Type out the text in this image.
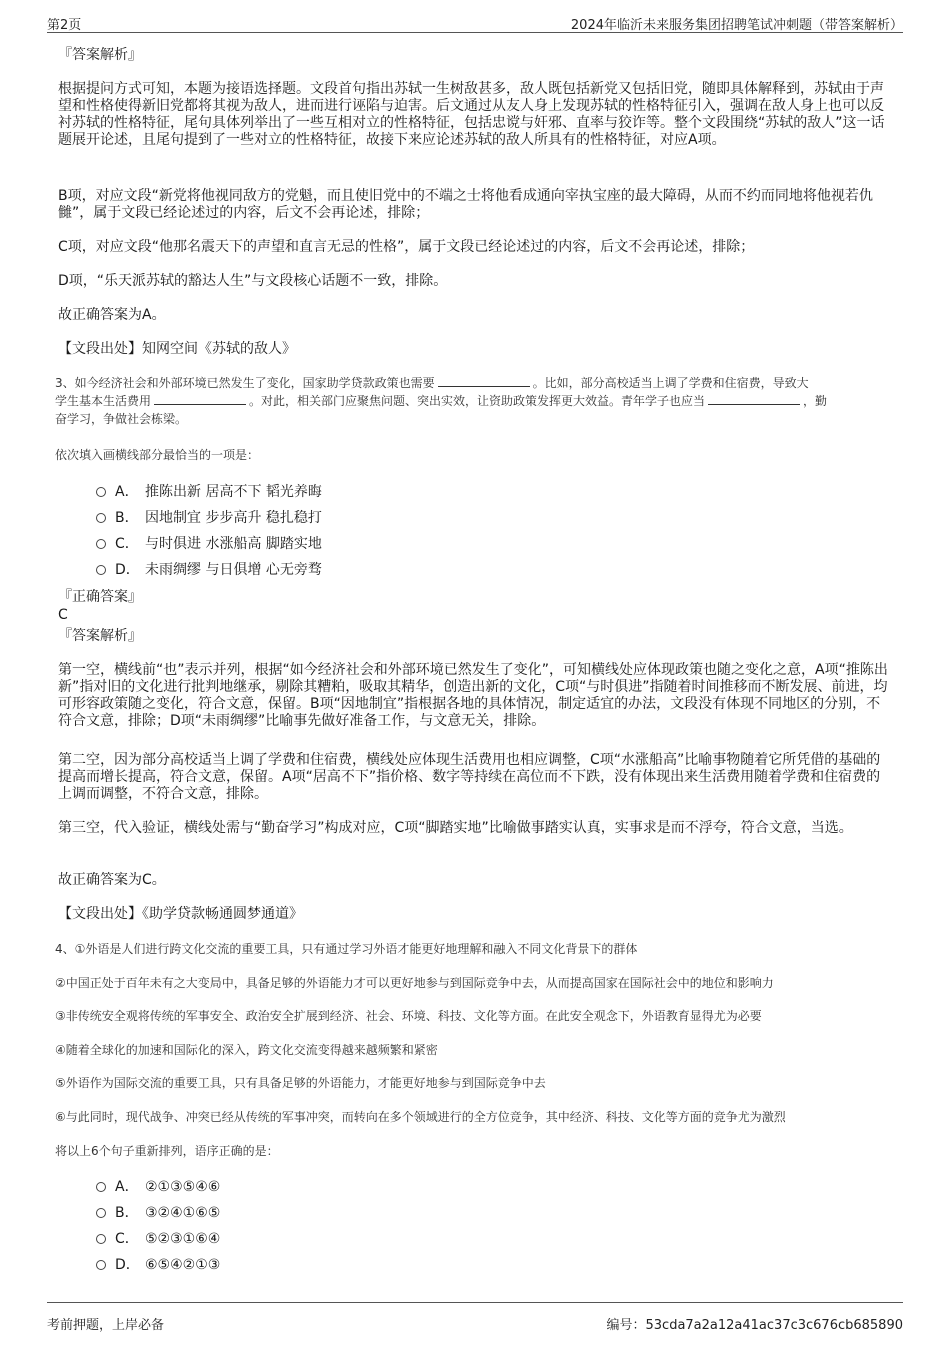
第2页	2024年临沂未来服务集团招聘笔试冲刺题（带答案解析）
『答案解析』
根据提问方式可知，本题为接语选择题。文段首句指出苏轼一生树敌甚多，敌人既包括新党又包括旧党，随即具体解释到，苏轼由于声望和性格使得新旧党都将其视为敌人，进而进行诬陷与迫害。后文通过从友人身上发现苏轼的性格特征引入，强调在敌人身上也可以反衬苏轼的性格特征，尾句具体列举出了一些互相对立的性格特征，包括忠谠与奸邪、直率与狡诈等。整个文段围绕“苏轼的敌人”这一话题展开论述，且尾句提到了一些对立的性格特征，故接下来应论述苏轼的敌人所具有的性格特征，对应A项。
B项，对应文段“新党将他视同敌方的党魁，而且使旧党中的不端之士将他看成通向宰执宝座的最大障碍，从而不约而同地将他视若仇雠”，属于文段已经论述过的内容，后文不会再论述，排除；
C项，对应文段“他那名震天下的声望和直言无忌的性格”，属于文段已经论述过的内容，后文不会再论述，排除；
D项，“乐天派苏轼的豁达人生”与文段核心话题不一致，排除。
故正确答案为A。
【文段出处】知网空间《苏轼的敌人》
3、如今经济社会和外部环境已然发生了变化，国家助学贷款政策也需要	。比如，部分高校适当上调了学费和住宿费，导致大
学生基本生活费用	。对此，相关部门应聚焦问题、突出实效，让资助政策发挥更大效益。青年学子也应当	，勤
奋学习，争做社会栋梁。
依次填入画横线部分最恰当的一项是：
A． 推陈出新 居高不下 韬光养晦
B． 因地制宜 步步高升 稳扎稳打
C． 与时俱进 水涨船高 脚踏实地
D． 未雨绸缪 与日俱增 心无旁骛
『正确答案』
C
『答案解析』
第一空，横线前“也”表示并列，根据“如今经济社会和外部环境已然发生了变化”，可知横线处应体现政策也随之变化之意，A项“推陈出新”指对旧的文化进行批判地继承，剔除其糟粕，吸取其精华，创造出新的文化，C项“与时俱进”指随着时间推移而不断发展、前进，均可形容政策随之变化，符合文意，保留。B项“因地制宜”指根据各地的具体情况，制定适宜的办法，文段没有体现不同地区的分别，不符合文意，排除；D项“未雨绸缪”比喻事先做好准备工作，与文意无关，排除。
第二空，因为部分高校适当上调了学费和住宿费，横线处应体现生活费用也相应调整，C项“水涨船高”比喻事物随着它所凭借的基础的提高而增长提高，符合文意，保留。A项“居高不下”指价格、数字等持续在高位而不下跌，没有体现出来生活费用随着学费和住宿费的上调而调整，不符合文意，排除。
第三空，代入验证，横线处需与“勤奋学习”构成对应，C项“脚踏实地”比喻做事踏实认真，实事求是而不浮夸，符合文意，当选。
故正确答案为C。
【文段出处】《助学贷款畅通圆梦通道》
4、①外语是人们进行跨文化交流的重要工具，只有通过学习外语才能更好地理解和融入不同文化背景下的群体
②中国正处于百年未有之大变局中，具备足够的外语能力才可以更好地参与到国际竞争中去，从而提高国家在国际社会中的地位和影响力
③非传统安全观将传统的军事安全、政治安全扩展到经济、社会、环境、科技、文化等方面。在此安全观念下，外语教育显得尤为必要
④随着全球化的加速和国际化的深入，跨文化交流变得越来越频繁和紧密
⑤外语作为国际交流的重要工具，只有具备足够的外语能力，才能更好地参与到国际竞争中去
⑥与此同时，现代战争、冲突已经从传统的军事冲突，而转向在多个领域进行的全方位竞争，其中经济、科技、文化等方面的竞争尤为激烈
将以上6个句子重新排列，语序正确的是：
A． ②①③⑤④⑥
B． ③②④①⑥⑤
C． ⑤②③①⑥④
D． ⑥⑤④②①③
考前押题，上岸必备	编号：53cda7a2a12a41ac37c3c676cb685890
